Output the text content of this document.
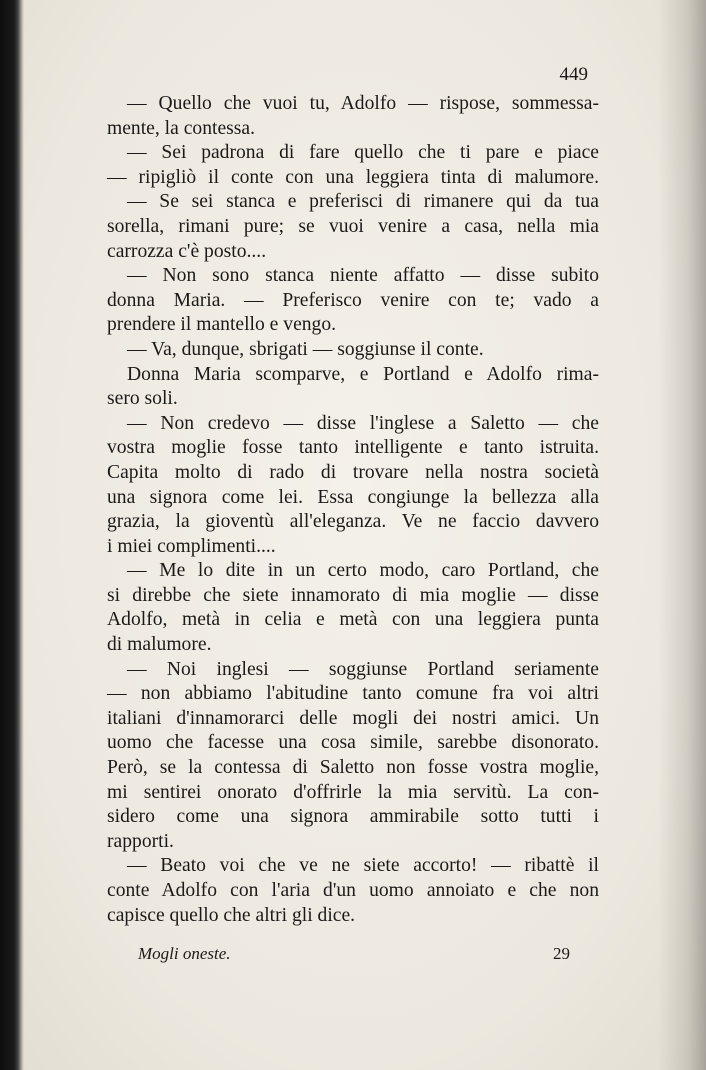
449
— Quello che vuoi tu, Adolfo — rispose, sommessa-
mente, la contessa.
— Sei padrona di fare quello che ti pare e piace
— ripigliò il conte con una leggiera tinta di malumore.
— Se sei stanca e preferisci di rimanere qui da tua
sorella, rimani pure; se vuoi venire a casa, nella mia
carrozza c'è posto....
— Non sono stanca niente affatto — disse subito
donna Maria. — Preferisco venire con te; vado a
prendere il mantello e vengo.
— Va, dunque, sbrigati — soggiunse il conte.
Donna Maria scomparve, e Portland e Adolfo rima-
sero soli.
— Non credevo — disse l'inglese a Saletto — che
vostra moglie fosse tanto intelligente e tanto istruita.
Capita molto di rado di trovare nella nostra società
una signora come lei. Essa congiunge la bellezza alla
grazia, la gioventù all'eleganza. Ve ne faccio davvero
i miei complimenti....
— Me lo dite in un certo modo, caro Portland, che
si direbbe che siete innamorato di mia moglie — disse
Adolfo, metà in celia e metà con una leggiera punta
di malumore.
— Noi inglesi — soggiunse Portland seriamente
— non abbiamo l'abitudine tanto comune fra voi altri
italiani d'innamorarci delle mogli dei nostri amici. Un
uomo che facesse una cosa simile, sarebbe disonorato.
Però, se la contessa di Saletto non fosse vostra moglie,
mi sentirei onorato d'offrirle la mia servitù. La con-
sidero come una signora ammirabile sotto tutti i
rapporti.
— Beato voi che ve ne siete accorto! — ribattè il
conte Adolfo con l'aria d'un uomo annoiato e che non
capisce quello che altri gli dice.
Mogli oneste.	29
